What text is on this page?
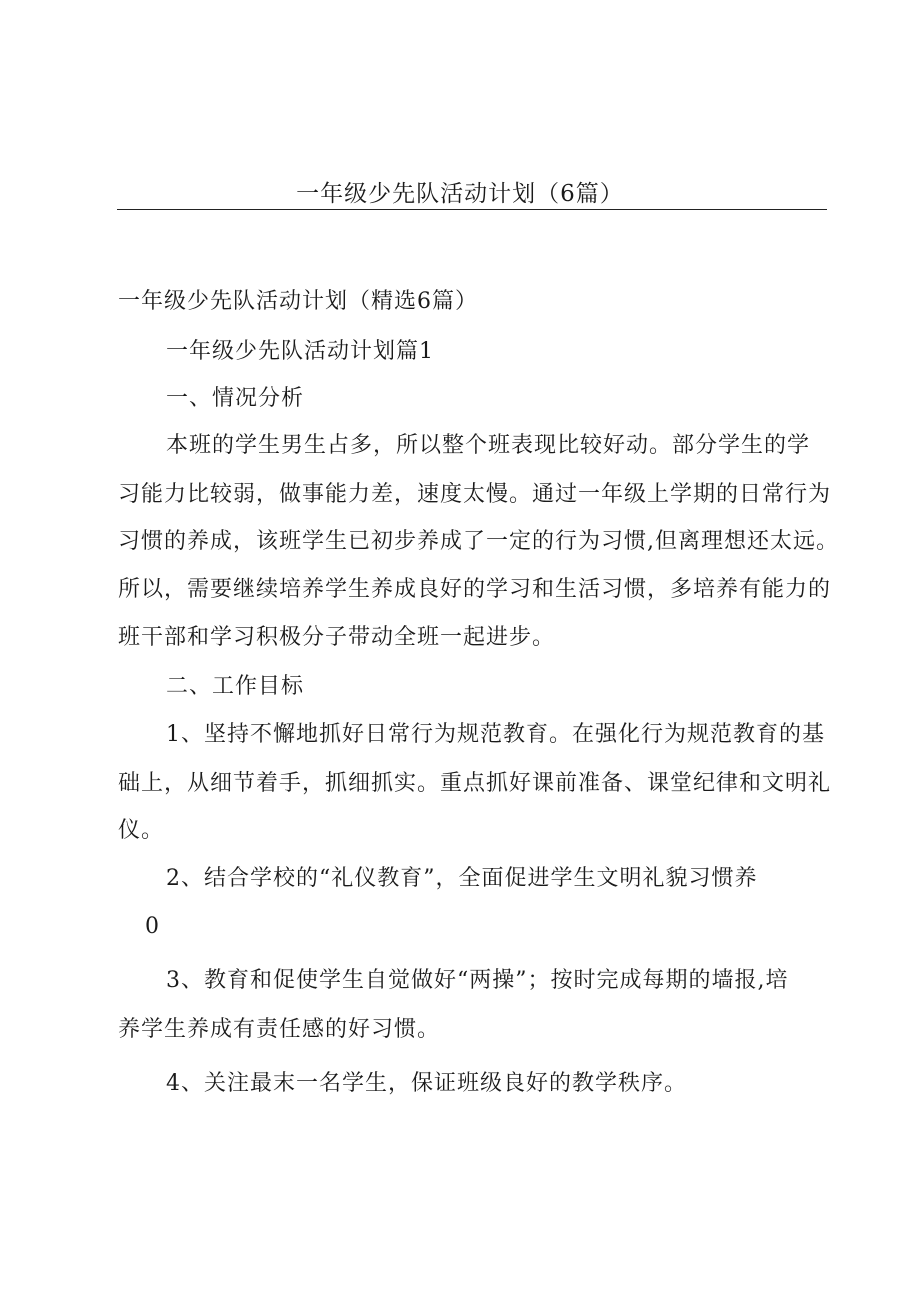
一年级少先队活动计划（6篇）
一年级少先队活动计划（精选6篇）
一年级少先队活动计划篇1
一、情况分析
本班的学生男生占多，所以整个班表现比较好动。部分学生的学
习能力比较弱，做事能力差，速度太慢。通过一年级上学期的日常行为
习惯的养成，该班学生已初步养成了一定的行为习惯,但离理想还太远。
所以，需要继续培养学生养成良好的学习和生活习惯，多培养有能力的
班干部和学习积极分子带动全班一起进步。
二、工作目标
1、坚持不懈地抓好日常行为规范教育。在强化行为规范教育的基
础上，从细节着手，抓细抓实。重点抓好课前准备、课堂纪律和文明礼
仪。
2、结合学校的“礼仪教育”，全面促进学生文明礼貌习惯养
0
3、教育和促使学生自觉做好“两操”；按时完成每期的墙报,培
养学生养成有责任感的好习惯。
4、关注最末一名学生，保证班级良好的教学秩序。
